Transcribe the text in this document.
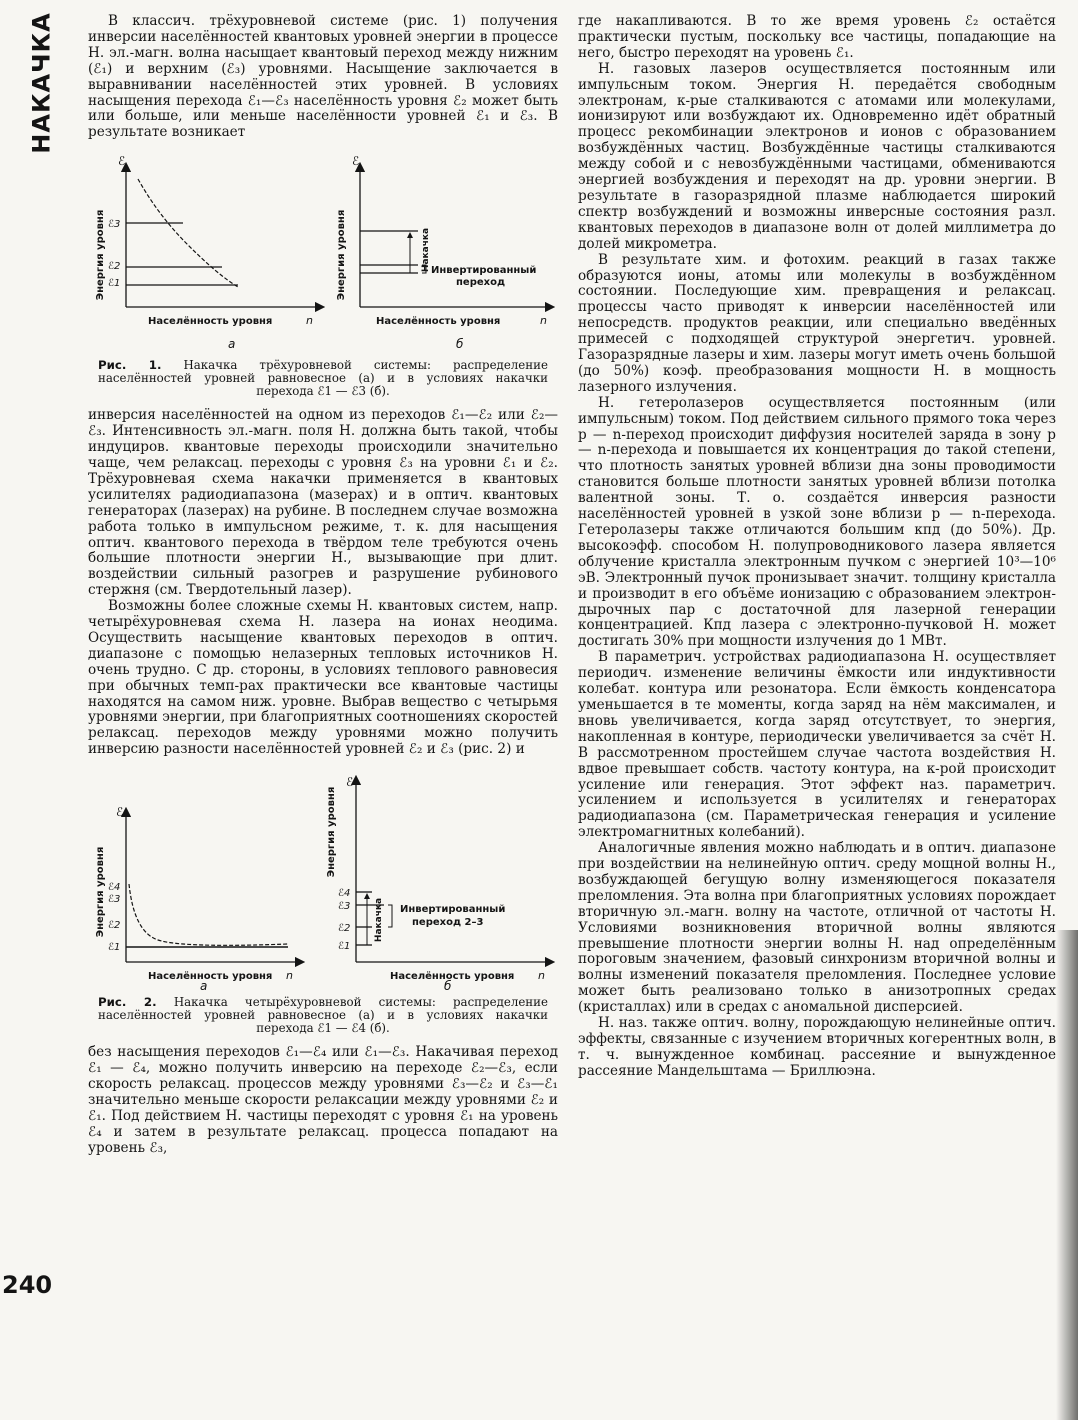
НАКАЧКА
240

В классич. трёхуровневой системе (рис. 1) получения инверсии населённостей квантовых уровней энергии в процессе Н. эл.-магн. волна насыщает квантовый переход между нижним (ℰ₁) и верхним (ℰ₃) уровнями. Насыщение заключается в выравнивании населённостей этих уровней. В условиях насыщения перехода ℰ₁—ℰ₃ населённость уровня ℰ₂ может быть или больше, или меньше населённости уровней ℰ₁ и ℰ₃. В результате возникает

ℰ
Энергия уровня
Населённость уровня	n
ℰ3
ℰ2
ℰ1
а
ℰ
Энергия уровня
Населённость уровня	n
Накачка Инвертированный
переход
б
Рис. 1. Накачка трёхуровневой системы: распределение населённостей уровней равновесное (а) и в условиях накачки перехода ℰ1 — ℰ3 (б).

инверсия населённостей на одном из переходов ℰ₁—ℰ₂ или ℰ₂—ℰ₃. Интенсивность эл.-магн. поля Н. должна быть такой, чтобы индуциров. квантовые переходы происходили значительно чаще, чем релаксац. переходы с уровня ℰ₃ на уровни ℰ₁ и ℰ₂. Трёхуровневая схема накачки применяется в квантовых усилителях радиодиапазона (мазерах) и в оптич. квантовых генераторах (лазерах) на рубине. В последнем случае возможна работа только в импульсном режиме, т. к. для насыщения оптич. квантового перехода в твёрдом теле требуются очень большие плотности энергии Н., вызывающие при длит. воздействии сильный разогрев и разрушение рубинового стержня (см. Твердотельный лазер).

Возможны более сложные схемы Н. квантовых систем, напр. четырёхуровневая схема Н. лазера на ионах неодима. Осуществить насыщение квантовых переходов в оптич. диапазоне с помощью нелазерных тепловых источников Н. очень трудно. С др. стороны, в условиях теплового равновесия при обычных темп-рах практически все квантовые частицы находятся на самом ниж. уровне. Выбрав вещество с четырьмя уровнями энергии, при благоприятных соотношениях скоростей релаксац. переходов между уровнями можно получить инверсию разности населённостей уровней ℰ₂ и ℰ₃ (рис. 2) и

ℰ
Энергия уровня
Населённость уровня n
ℰ4
ℰ3
ℰ2
ℰ1
а
ℰ
Энергия уровня
Населённость уровня n
Накачка
ℰ4
ℰ3
ℰ2
ℰ1
Инвертированный
переход 2–3
б
Рис. 2. Накачка четырёхуровневой системы: распределение населённостей уровней равновесное (а) и в условиях накачки перехода ℰ1 — ℰ4 (б).

без насыщения переходов ℰ₁—ℰ₄ или ℰ₁—ℰ₃. Накачивая переход ℰ₁ — ℰ₄, можно получить инверсию на переходе ℰ₂—ℰ₃, если скорость релаксац. процессов между уровнями ℰ₃—ℰ₂ и ℰ₃—ℰ₁ значительно меньше скорости релаксации между уровнями ℰ₂ и ℰ₁. Под действием Н. частицы переходят с уровня ℰ₁ на уровень ℰ₄ и затем в результате релаксац. процесса попадают на уровень ℰ₃,

где накапливаются. В то же время уровень ℰ₂ остаётся практически пустым, поскольку все частицы, попадающие на него, быстро переходят на уровень ℰ₁.

Н. газовых лазеров осуществляется постоянным или импульсным током. Энергия Н. передаётся свободным электронам, к-рые сталкиваются с атомами или молекулами, ионизируют или возбуждают их. Одновременно идёт обратный процесс рекомбинации электронов и ионов с образованием возбуждённых частиц. Возбуждённые частицы сталкиваются между собой и с невозбуждёнными частицами, обмениваются энергией возбуждения и переходят на др. уровни энергии. В результате в газоразрядной плазме наблюдается широкий спектр возбуждений и возможны инверсные состояния разл. квантовых переходов в диапазоне волн от долей миллиметра до долей микрометра.

В результате хим. и фотохим. реакций в газах также образуются ионы, атомы или молекулы в возбуждённом состоянии. Последующие хим. превращения и релаксац. процессы часто приводят к инверсии населённостей или непосредств. продуктов реакции, или специально введённых примесей с подходящей структурой энергетич. уровней. Газоразрядные лазеры и хим. лазеры могут иметь очень большой (до 50%) коэф. преобразования мощности Н. в мощность лазерного излучения.

Н. гетеролазеров осуществляется постоянным (или импульсным) током. Под действием сильного прямого тока через p — n-переход происходит диффузия носителей заряда в зону p — n-перехода и повышается их концентрация до такой степени, что плотность занятых уровней вблизи дна зоны проводимости становится больше плотности занятых уровней вблизи потолка валентной зоны. Т. о. создаётся инверсия разности населённостей уровней в узкой зоне вблизи p — n-перехода. Гетеролазеры также отличаются большим кпд (до 50%). Др. высокоэфф. способом Н. полупроводникового лазера является облучение кристалла электронным пучком с энергией 10³—10⁶ эВ. Электронный пучок пронизывает значит. толщину кристалла и производит в его объёме ионизацию с образованием электрон-дырочных пар с достаточной для лазерной генерации концентрацией. Кпд лазера с электронно-пучковой Н. может достигать 30% при мощности излучения до 1 МВт.

В параметрич. устройствах радиодиапазона Н. осуществляет периодич. изменение величины ёмкости или индуктивности колебат. контура или резонатора. Если ёмкость конденсатора уменьшается в те моменты, когда заряд на нём максимален, и вновь увеличивается, когда заряд отсутствует, то энергия, накопленная в контуре, периодически увеличивается за счёт Н. В рассмотренном простейшем случае частота воздействия Н. вдвое превышает собств. частоту контура, на к-рой происходит усиление или генерация. Этот эффект наз. параметрич. усилением и используется в усилителях и генераторах радиодиапазона (см. Параметрическая генерация и усиление электромагнитных колебаний).

Аналогичные явления можно наблюдать и в оптич. диапазоне при воздействии на нелинейную оптич. среду мощной волны Н., возбуждающей бегущую волну изменяющегося показателя преломления. Эта волна при благоприятных условиях порождает вторичную эл.-магн. волну на частоте, отличной от частоты Н. Условиями возникновения вторичной волны являются превышение плотности энергии волны Н. над определённым пороговым значением, фазовый синхронизм вторичной волны и волны изменений показателя преломления. Последнее условие может быть реализовано только в анизотропных средах (кристаллах) или в средах с аномальной дисперсией.

Н. наз. также оптич. волну, порождающую нелинейные оптич. эффекты, связанные с изучением вторичных когерентных волн, в т. ч. вынужденное комбинац. рассеяние и вынужденное рассеяние Мандельштама — Бриллюэна.
